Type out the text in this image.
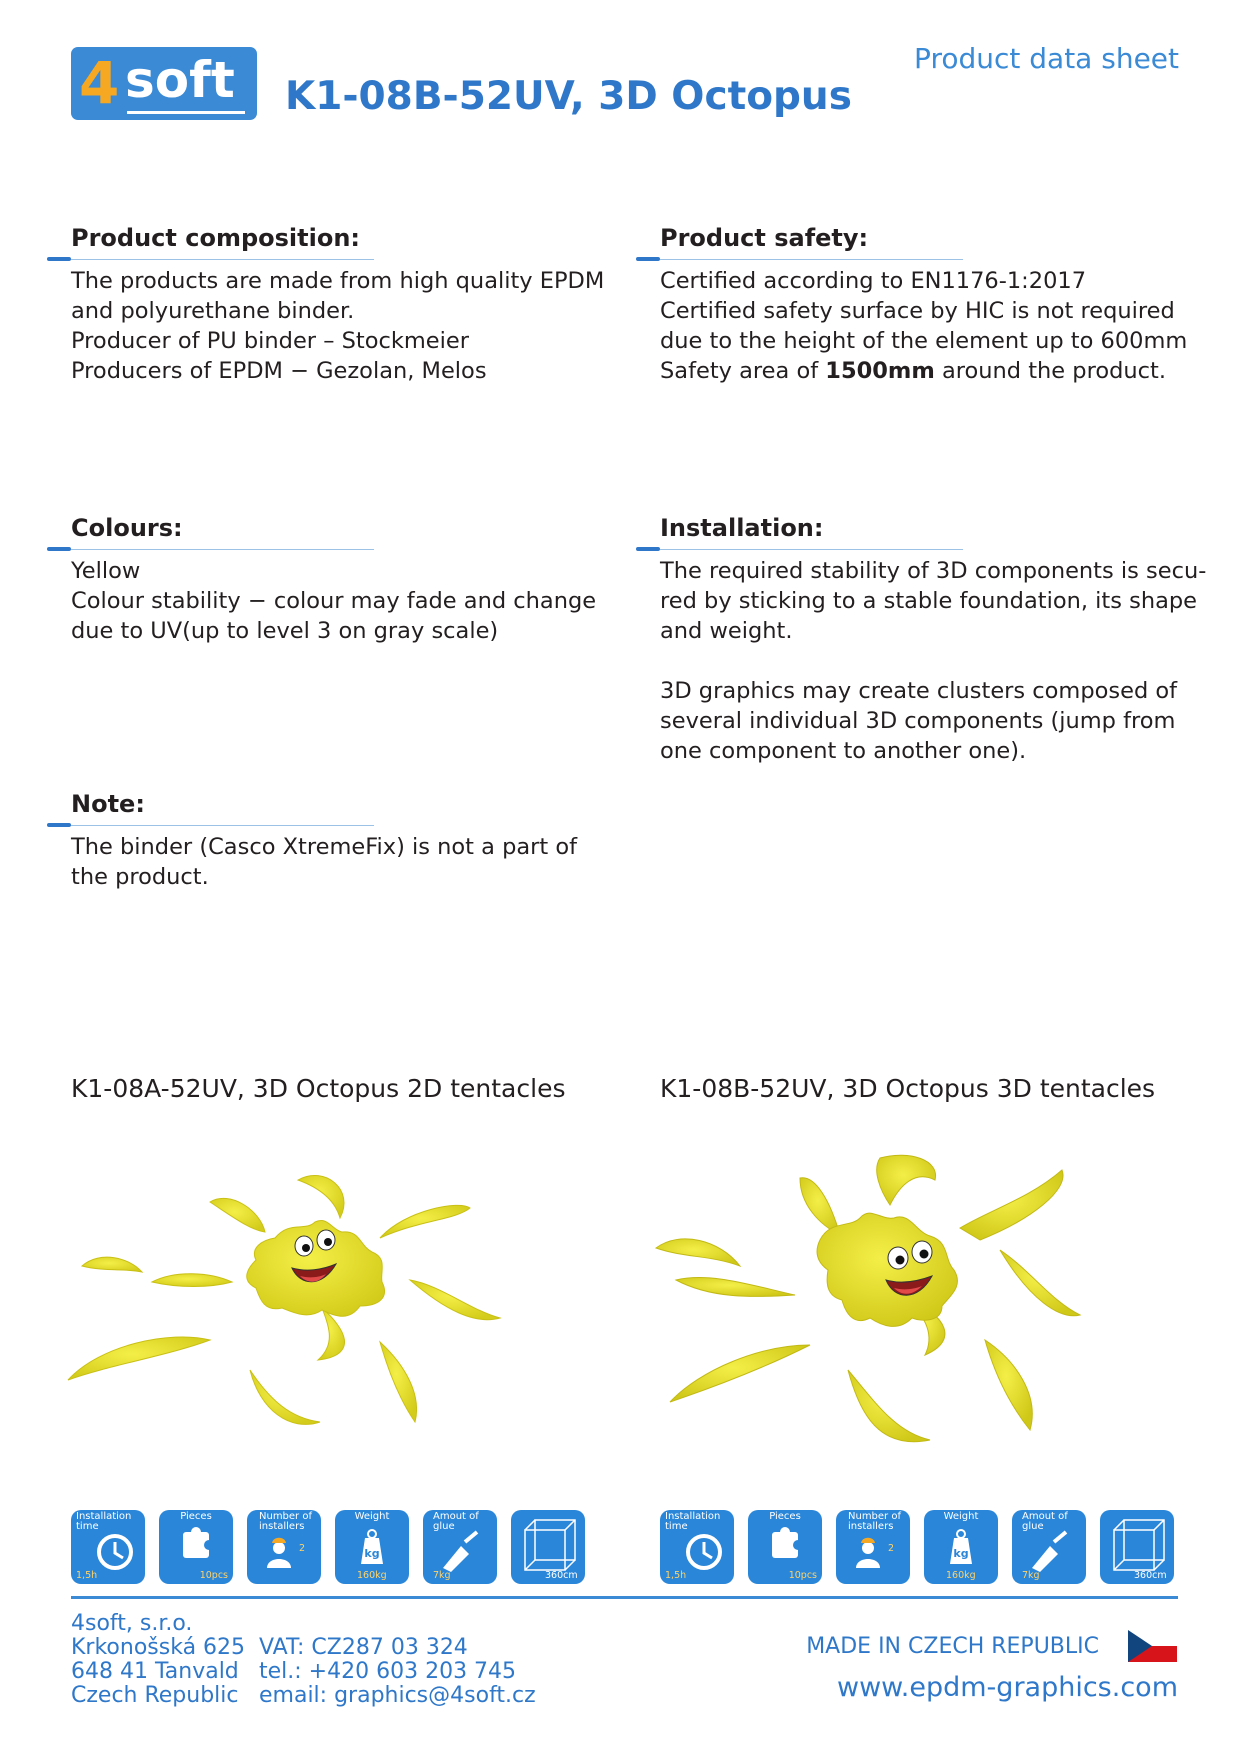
4 soft K1-08B-52UV, 3D Octopus
Product data sheet
Product composition:

The products are made from high quality EPDM

and polyurethane binder.

Producer of PU binder – Stockmeier

Producers of EPDM − Gezolan, Melos

Product safety:

Certified according to EN1176-1:2017

Certified safety surface by HIC is not required

due to the height of the element up to 600mm

Safety area of 1500mm around the product.

Colours:

Yellow

Colour stability − colour may fade and change

due to UV(up to level 3 on gray scale)

Installation:

The required stability of 3D components is secu-

red by sticking to a stable foundation, its shape

and weight.

3D graphics may create clusters composed of

several individual 3D components (jump from

one component to another one).

Note:

The binder (Casco XtremeFix) is not a part of

the product.

K1-08A-52UV, 3D Octopus 2D tentacles	K1-08B-52UV, 3D Octopus 3D tentacles
Installation time
1,5h
Pieces
10pcs
Number of installers
2
Weight
kg
160kg
Amout of glue
7kg	360cm
Installation time
1,5h
Pieces
10pcs
Number of installers
2
Weight
kg
160kg
Amout of glue
7kg	360cm

4soft, s.r.o.

Krkonošská 625

648 41 Tanvald

Czech Republic

VAT: CZ287 03 324

tel.: +420 603 203 745

email: graphics@4soft.cz

MADE IN CZECH REPUBLIC
www.epdm-graphics.com
